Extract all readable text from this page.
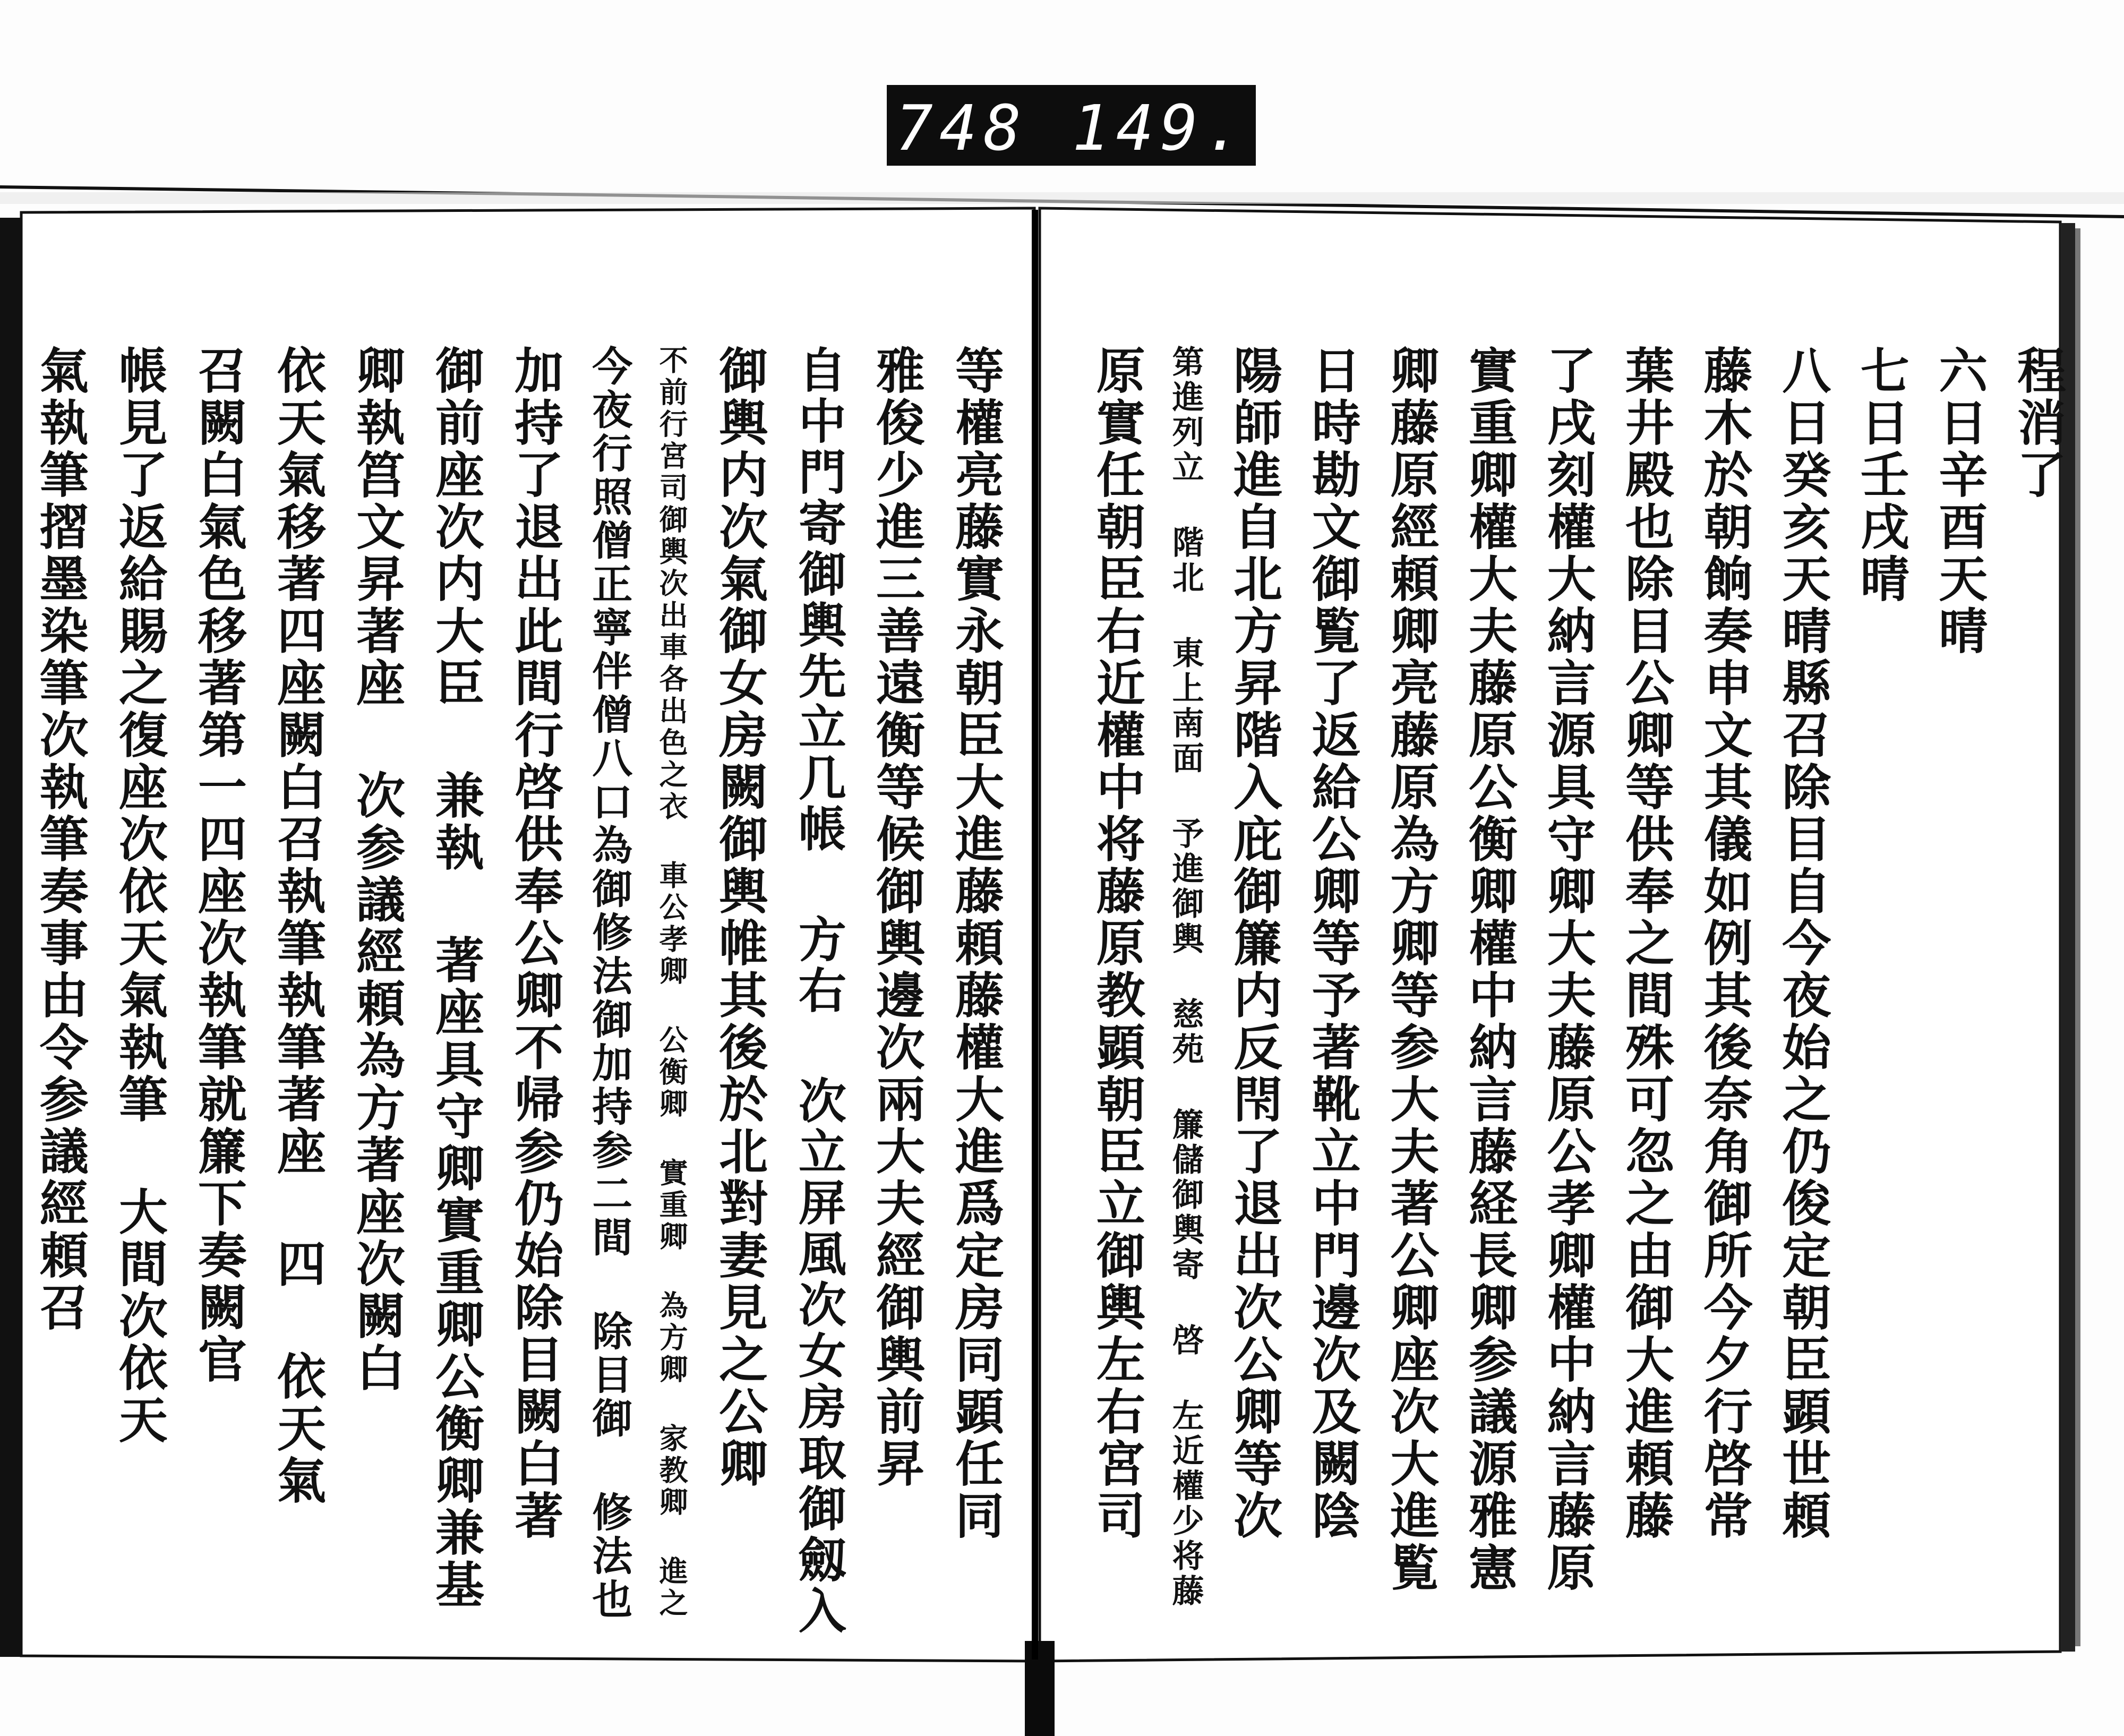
748 149.
等權亮藤實永朝臣大進藤頼藤權大進爲定房同顕任同
雅俊少進三善遠衡等候御輿邊次兩大夫經御輿前昇
自中門寄御輿先立几帳 方右 次立屏風次女房取御劔入
御輿内次氣御女房闕御輿帷其後於北對妻見之公卿
不前行宮司御輿次出車各出色之衣 車公孝卿 公衡卿 實重卿 為方卿 家教卿 進之
今夜行照僧正寧伴僧八口為御修法御加持参二間 除目御 修法也
加持了退出此間行啓供奉公卿不帰参仍始除目闕白著
御前座次内大臣 兼執 著座具守卿實重卿公衡卿兼基
卿執筥文昇著座 次参議經頼為方著座次闕白
依天氣移著四座闕白召執筆執筆著座 四 依天氣
召闕白氣色移著第一四座次執筆就簾下奏闕官
帳見了返給賜之復座次依天氣執筆 大間次依天
氣執筆摺墨染筆次執筆奏事由令参議經頼召	程消了
六日辛酉天晴
七日壬戌晴
八日癸亥天晴縣召除目自今夜始之仍俊定朝臣顕世頼
藤木於朝餉奏申文其儀如例其後奈角御所今夕行啓常
葉井殿也除目公卿等供奉之間殊可忽之由御大進頼藤
了戌刻權大納言源具守卿大夫藤原公孝卿權中納言藤原
實重卿權大夫藤原公衡卿權中納言藤経長卿参議源雅憲
卿藤原經頼卿亮藤原為方卿等参大夫著公卿座次大進覧
日時勘文御覧了返給公卿等予著靴立中門邊次及闕陰
陽師進自北方昇階入庇御簾内反閇了退出次公卿等次
第進列立 階北 東上南面 予進御輿 慈苑 簾儲御輿寄 啓 左近權少将藤
原實任朝臣右近權中将藤原教顕朝臣立御輿左右宮司
